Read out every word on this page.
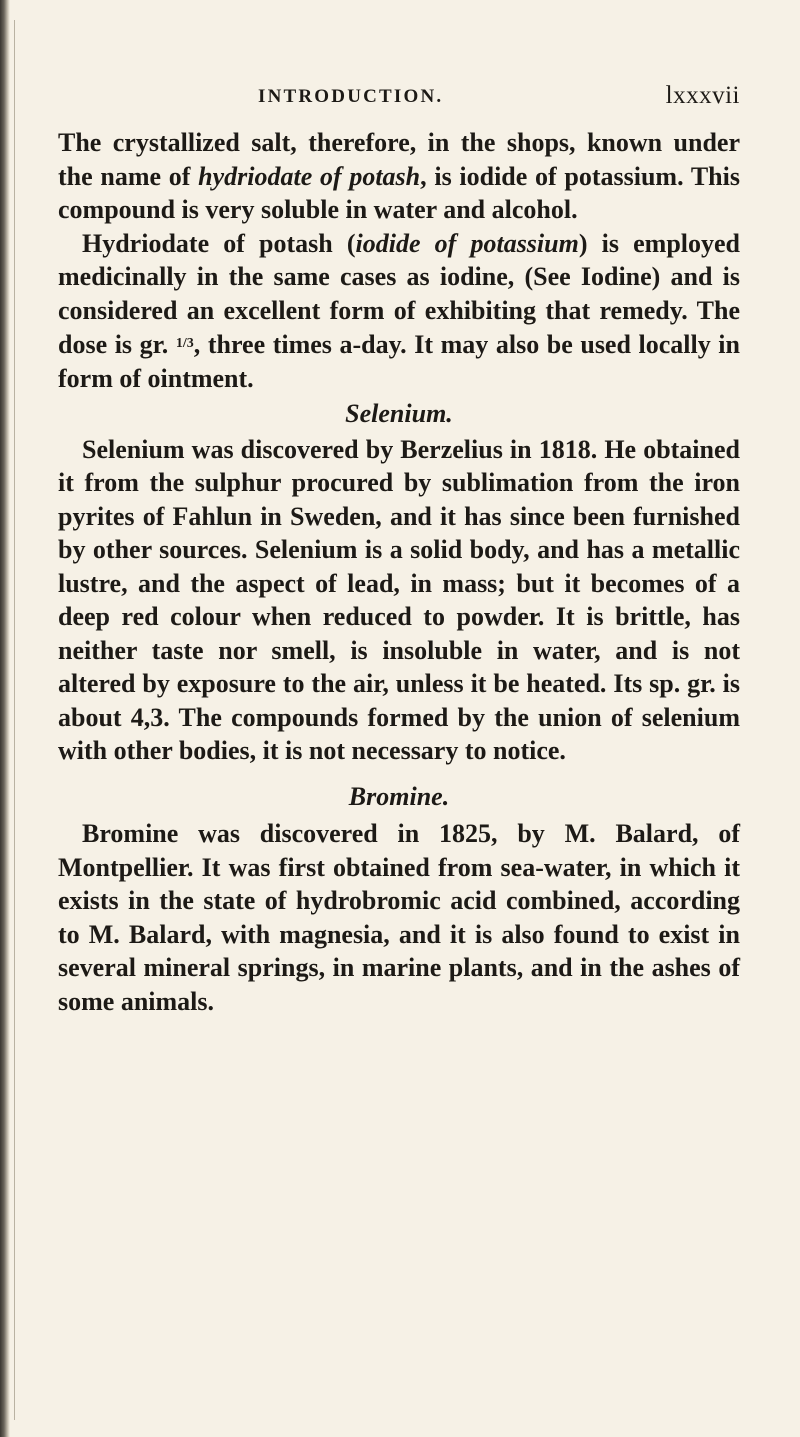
INTRODUCTION.	lxxxvii

The crystallized salt, therefore, in the shops, known under the name of hydriodate of potash, is iodide of potassium. This compound is very soluble in water and alcohol.

Hydriodate of potash (iodide of potassium) is employed medicinally in the same cases as iodine, (See Iodine) and is considered an excellent form of exhibiting that remedy. The dose is gr. $^{1/3}$, three times a-day. It may also be used locally in form of ointment.

Selenium.

Selenium was discovered by Berzelius in 1818. He obtained it from the sulphur procured by sublimation from the iron pyrites of Fahlun in Sweden, and it has since been furnished by other sources. Selenium is a solid body, and has a metallic lustre, and the aspect of lead, in mass; but it becomes of a deep red colour when reduced to powder. It is brittle, has neither taste nor smell, is insoluble in water, and is not altered by exposure to the air, unless it be heated. Its sp. gr. is about 4,3. The compounds formed by the union of selenium with other bodies, it is not necessary to notice.

Bromine.

Bromine was discovered in 1825, by M. Balard, of Montpellier. It was first obtained from sea-water, in which it exists in the state of hydrobromic acid combined, according to M. Balard, with magnesia, and it is also found to exist in several mineral springs, in marine plants, and in the ashes of some animals.
